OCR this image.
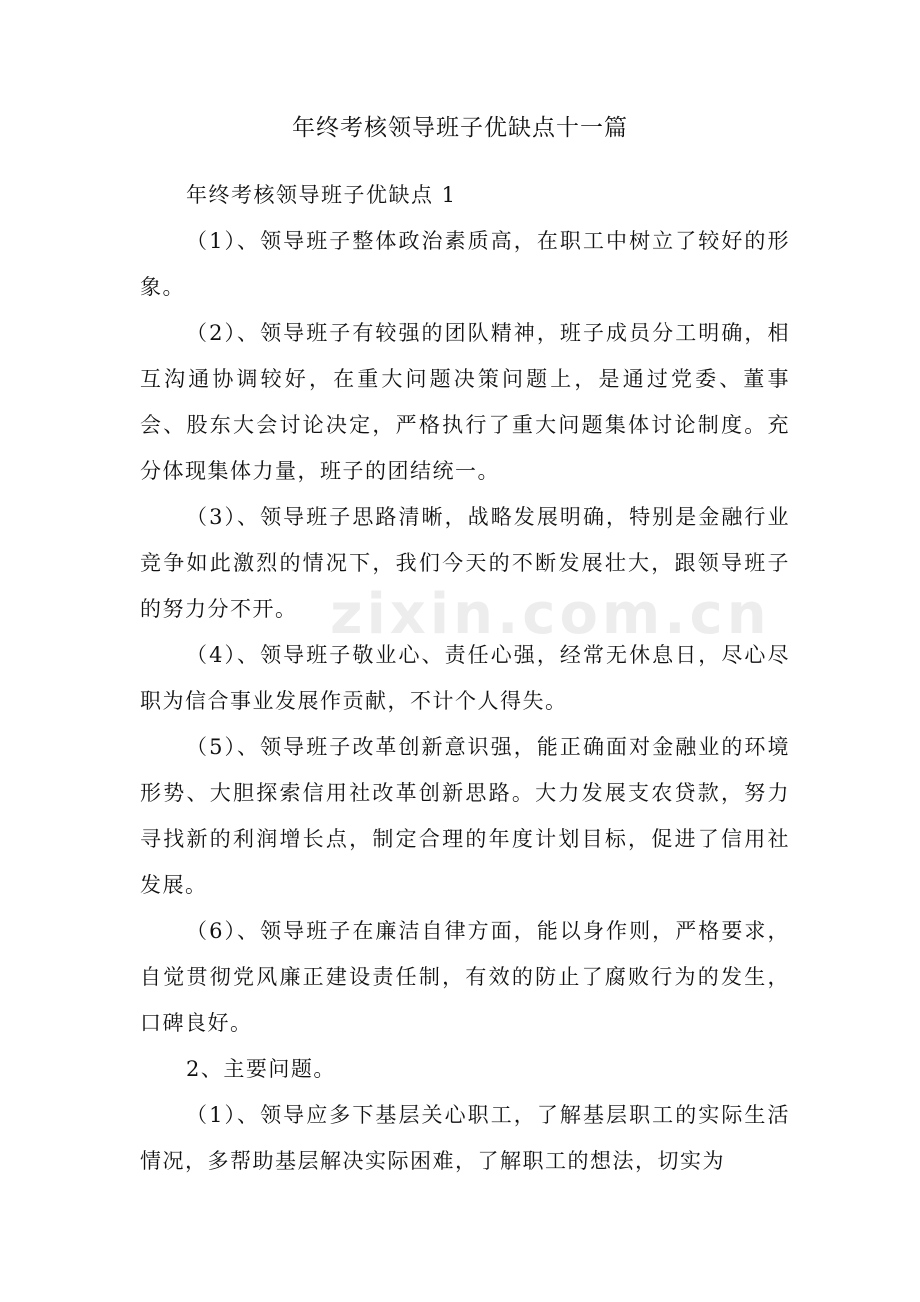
年终考核领导班子优缺点十一篇

年终考核领导班子优缺点 1

（1）、领导班子整体政治素质高，在职工中树立了较好的形象。

（2）、领导班子有较强的团队精神，班子成员分工明确，相互沟通协调较好，在重大问题决策问题上，是通过党委、董事会、股东大会讨论决定，严格执行了重大问题集体讨论制度。充分体现集体力量，班子的团结统一。

（3）、领导班子思路清晰，战略发展明确，特别是金融行业竞争如此激烈的情况下，我们今天的不断发展壮大，跟领导班子的努力分不开。

（4）、领导班子敬业心、责任心强，经常无休息日，尽心尽职为信合事业发展作贡献，不计个人得失。

（5）、领导班子改革创新意识强，能正确面对金融业的环境形势、大胆探索信用社改革创新思路。大力发展支农贷款，努力寻找新的利润增长点，制定合理的年度计划目标，促进了信用社发展。

（6）、领导班子在廉洁自律方面，能以身作则，严格要求，自觉贯彻党风廉正建设责任制，有效的防止了腐败行为的发生，口碑良好。

2、主要问题。

（1）、领导应多下基层关心职工，了解基层职工的实际生活情况，多帮助基层解决实际困难，了解职工的想法，切实为

zixin.com.cn
